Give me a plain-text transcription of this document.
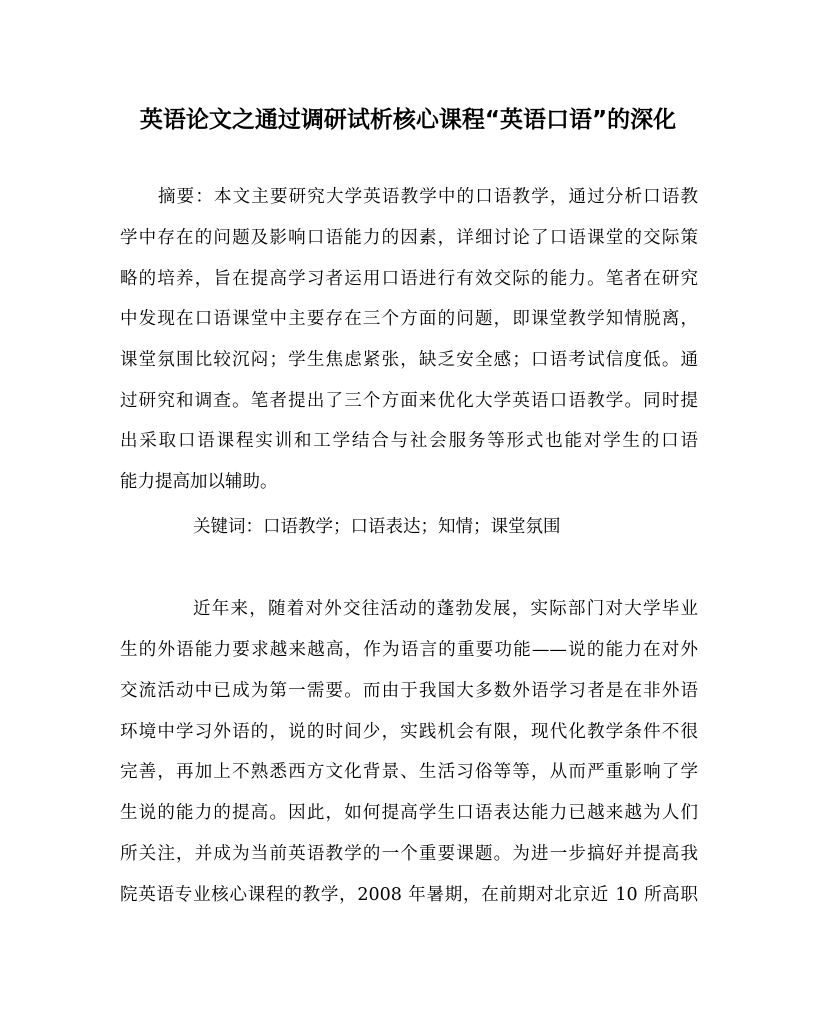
英语论文之通过调研试析核心课程“英语口语”的深化
摘要：本文主要研究大学英语教学中的口语教学，通过分析口语教
学中存在的问题及影响口语能力的因素，详细讨论了口语课堂的交际策
略的培养，旨在提高学习者运用口语进行有效交际的能力。笔者在研究
中发现在口语课堂中主要存在三个方面的问题，即课堂教学知情脱离，
课堂氛围比较沉闷；学生焦虑紧张，缺乏安全感；口语考试信度低。通
过研究和调查。笔者提出了三个方面来优化大学英语口语教学。同时提
出采取口语课程实训和工学结合与社会服务等形式也能对学生的口语
能力提高加以辅助。
关键词：口语教学；口语表达；知情；课堂氛围
近年来，随着对外交往活动的蓬勃发展，实际部门对大学毕业
生的外语能力要求越来越高，作为语言的重要功能——说的能力在对外
交流活动中已成为第一需要。而由于我国大多数外语学习者是在非外语
环境中学习外语的，说的时间少，实践机会有限，现代化教学条件不很
完善，再加上不熟悉西方文化背景、生活习俗等等，从而严重影响了学
生说的能力的提高。因此，如何提高学生口语表达能力已越来越为人们
所关注，并成为当前英语教学的一个重要课题。为进一步搞好并提高我
院英语专业核心课程的教学，2008 年暑期，在前期对北京近 10 所高职
